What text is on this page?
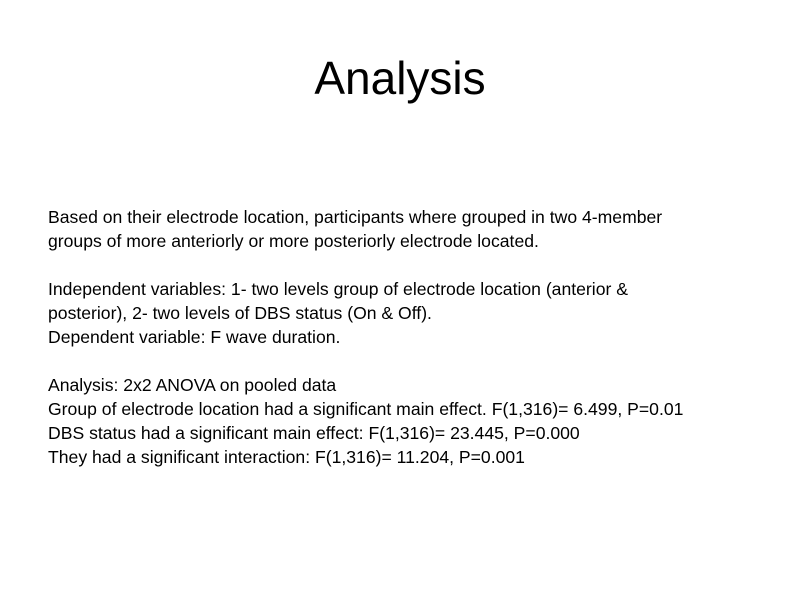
Analysis
Based on their electrode location, participants where grouped in two 4-member
groups of more anteriorly or more posteriorly electrode located.
Independent variables: 1- two levels group of electrode location (anterior &
posterior), 2- two levels of DBS status (On & Off).
Dependent variable: F wave duration.
Analysis: 2x2 ANOVA on pooled data
Group of electrode location had a significant main effect. F(1,316)= 6.499, P=0.01
DBS status had a significant main effect: F(1,316)= 23.445, P=0.000
They had a significant interaction: F(1,316)= 11.204, P=0.001
